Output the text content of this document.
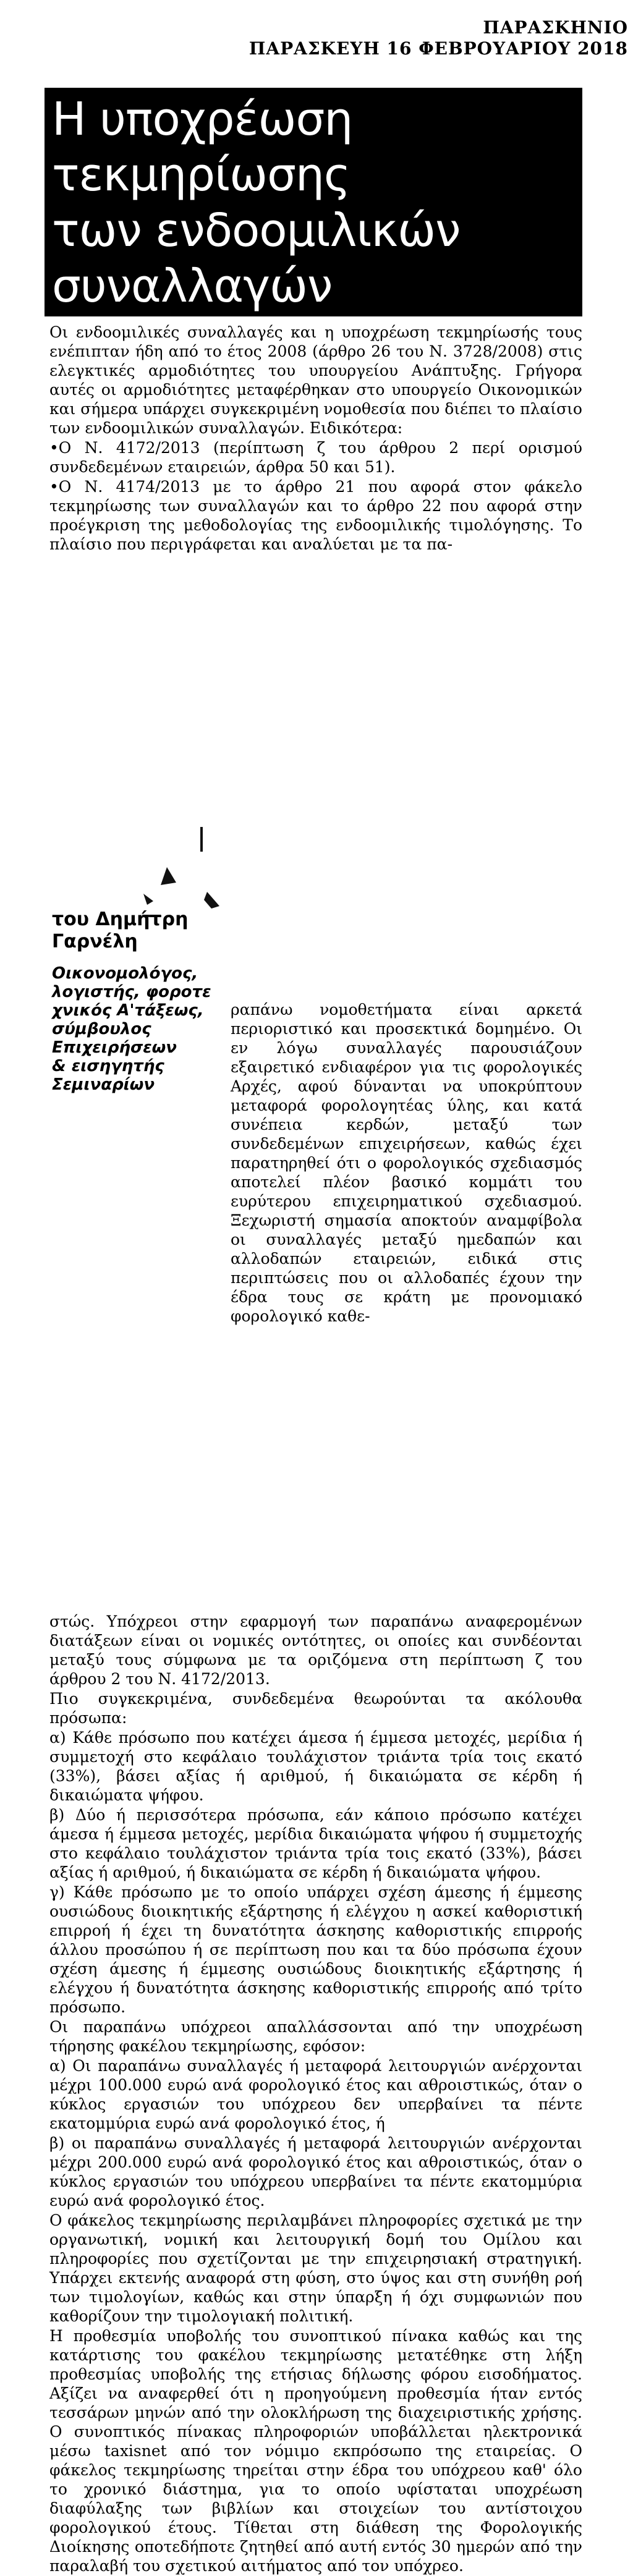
ΠΑΡΑΣΚΗΝΙΟ
ΠΑΡΑΣΚΕΥΗ 16 ΦΕΒΡΟΥΑΡΙΟΥ 2018
Η υποχρέωση
τεκμηρίωσης
των ενδοομιλικών
συναλλαγών

Οι ενδοομιλικές συναλλαγές και η υποχρέωση τεκμηρίωσής τους ενέπιπταν ήδη από το έτος 2008 (άρθρο 26 του Ν. 3728/2008) στις ελεγκτικές αρμοδιότητες του υπουργείου Ανάπτυξης. Γρήγορα αυτές οι αρμοδιότητες μεταφέρθηκαν στο υπουργείο Οικονομικών και σήμερα υπάρχει συγκεκριμένη νομοθεσία που διέπει το πλαίσιο των ενδοομιλικών συναλλαγών. Ειδικότερα:

•Ο Ν. 4172/2013 (περίπτωση ζ του άρθρου 2 περί ορισμού συνδεδεμένων εταιρειών, άρθρα 50 και 51).

•Ο Ν. 4174/2013 με το άρθρο 21 που αφορά στον φάκελο τεκμηρίωσης των συναλλαγών και το άρθρο 22 που αφορά στην προέγκριση της μεθοδολογίας της ενδοομιλικής τιμολόγησης. Το πλαίσιο που περιγράφεται και αναλύεται με τα πα-

του Δημήτρη
Γαρνέλη
Οικονομολόγος,
λογιστής, φοροτε
χνικός Α'τάξεως,
σύμβουλος
Επιχειρήσεων
& εισηγητής
Σεμιναρίων

ραπάνω νομοθετήματα είναι αρκετά περιοριστικό και προσεκτικά δομημένο. Οι εν λόγω συναλλαγές παρουσιάζουν εξαιρετικό ενδιαφέρον για τις φορολογικές Αρχές, αφού δύνανται να υποκρύπτουν μεταφορά φορολογητέας ύλης, και κατά συνέπεια κερδών, μεταξύ των συνδεδεμένων επιχειρήσεων, καθώς έχει παρατηρηθεί ότι ο φορολογικός σχεδιασμός αποτελεί πλέον βασικό κομμάτι του ευρύτερου επιχειρηματικού σχεδιασμού. Ξεχωριστή σημασία αποκτούν αναμφίβολα οι συναλλαγές μεταξύ ημεδαπών και αλλοδαπών εταιρειών, ειδικά στις περιπτώσεις που οι αλλοδαπές έχουν την έδρα τους σε κράτη με προνομιακό φορολογικό καθε-

στώς. Υπόχρεοι στην εφαρμογή των παραπάνω αναφερομένων διατάξεων είναι οι νομικές οντότητες, οι οποίες και συνδέονται μεταξύ τους σύμφωνα με τα οριζόμενα στη περίπτωση ζ του άρθρου 2 του Ν. 4172/2013.

Πιο συγκεκριμένα, συνδεδεμένα θεωρούνται τα ακόλουθα πρόσωπα:

α) Κάθε πρόσωπο που κατέχει άμεσα ή έμμεσα μετοχές, μερίδια ή συμμετοχή στο κεφάλαιο τουλάχιστον τριάντα τρία τοις εκατό (33%), βάσει αξίας ή αριθμού, ή δικαιώματα σε κέρδη ή δικαιώματα ψήφου.

β) Δύο ή περισσότερα πρόσωπα, εάν κάποιο πρόσωπο κατέχει άμεσα ή έμμεσα μετοχές, μερίδια δικαιώματα ψήφου ή συμμετοχής στο κεφάλαιο τουλάχιστον τριάντα τρία τοις εκατό (33%), βάσει αξίας ή αριθμού, ή δικαιώματα σε κέρδη ή δικαιώματα ψήφου.

γ) Κάθε πρόσωπο με το οποίο υπάρχει σχέση άμεσης ή έμμεσης ουσιώδους διοικητικής εξάρτησης ή ελέγχου η ασκεί καθοριστική επιρροή ή έχει τη δυνατότητα άσκησης καθοριστικής επιρροής άλλου προσώπου ή σε περίπτωση που και τα δύο πρόσωπα έχουν σχέση άμεσης ή έμμεσης ουσιώδους διοικητικής εξάρτησης ή ελέγχου ή δυνατότητα άσκησης καθοριστικής επιρροής από τρίτο πρόσωπο.

Οι παραπάνω υπόχρεοι απαλλάσσονται από την υποχρέωση τήρησης φακέλου τεκμηρίωσης, εφόσον:

α) Οι παραπάνω συναλλαγές ή μεταφορά λειτουργιών ανέρχονται μέχρι 100.000 ευρώ ανά φορολογικό έτος και αθροιστικώς, όταν ο κύκλος εργασιών του υπόχρεου δεν υπερβαίνει τα πέντε εκατομμύρια ευρώ ανά φορολογικό έτος, ή

β) οι παραπάνω συναλλαγές ή μεταφορά λειτουργιών ανέρχονται μέχρι 200.000 ευρώ ανά φορολογικό έτος και αθροιστικώς, όταν ο κύκλος εργασιών του υπόχρεου υπερβαίνει τα πέντε εκατομμύρια ευρώ ανά φορολογικό έτος.

Ο φάκελος τεκμηρίωσης περιλαμβάνει πληροφορίες σχετικά με την οργανωτική, νομική και λειτουργική δομή του Ομίλου και πληροφορίες που σχετίζονται με την επιχειρησιακή στρατηγική. Υπάρχει εκτενής αναφορά στη φύση, στο ύψος και στη συνήθη ροή των τιμολογίων, καθώς και στην ύπαρξη ή όχι συμφωνιών που καθορίζουν την τιμολογιακή πολιτική.

Η προθεσμία υποβολής του συνοπτικού πίνακα καθώς και της κατάρτισης του φακέλου τεκμηρίωσης μετατέθηκε στη λήξη προθεσμίας υποβολής της ετήσιας δήλωσης φόρου εισοδήματος. Αξίζει να αναφερθεί ότι η προηγούμενη προθεσμία ήταν εντός τεσσάρων μηνών από την ολοκλήρωση της διαχειριστικής χρήσης. Ο συνοπτικός πίνακας πληροφοριών υποβάλλεται ηλεκτρονικά μέσω taxisnet από τον νόμιμο εκπρόσωπο της εταιρείας. Ο φάκελος τεκμηρίωσης τηρείται στην έδρα του υπόχρεου καθ' όλο το χρονικό διάστημα, για το οποίο υφίσταται υποχρέωση διαφύλαξης των βιβλίων και στοιχείων του αντίστοιχου φορολογικού έτους. Τίθεται στη διάθεση της Φορολογικής Διοίκησης οποτεδήποτε ζητηθεί από αυτή εντός 30 ημερών από την παραλαβή του σχετικού αιτήματος από τον υπόχρεο.
